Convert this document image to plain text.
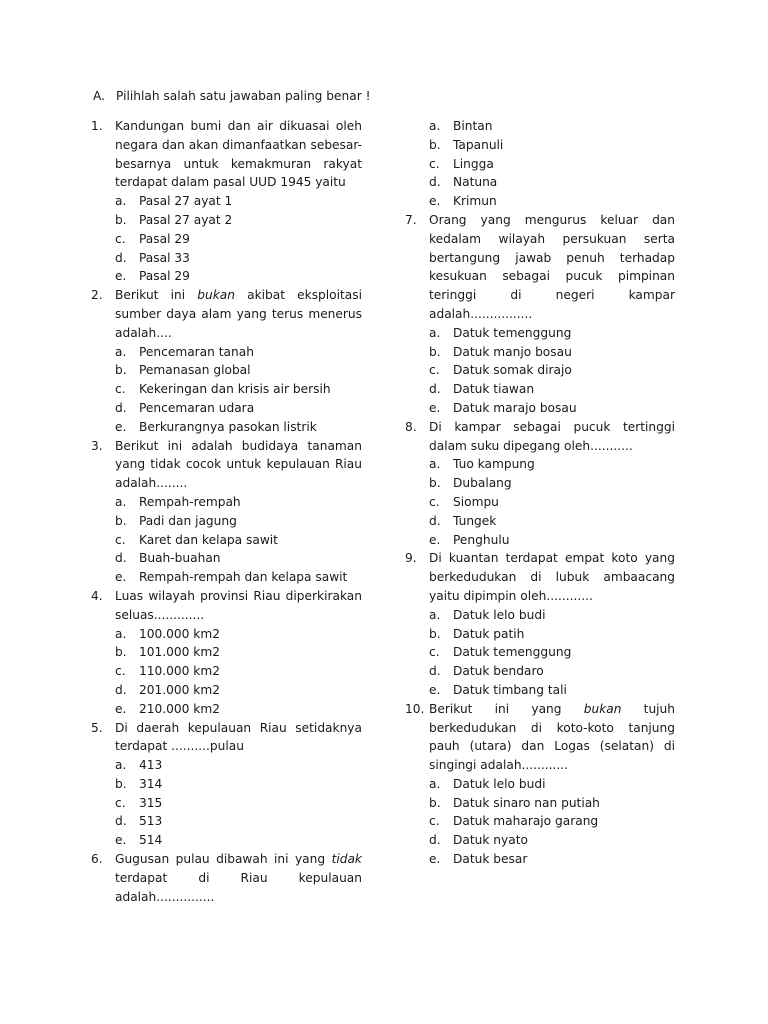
A. Pilihlah salah satu jawaban paling benar !
1.	Kandungan bumi dan air dikuasai oleh negara dan akan dimanfaatkan sebesar-besarnya untuk kemakmuran rakyat terdapat dalam pasal UUD 1945 yaitu
a.	Pasal 27 ayat 1
b.	Pasal 27 ayat 2
c.	Pasal 29
d.	Pasal 33
e.	Pasal 29
2.	Berikut ini bukan akibat eksploitasi sumber daya alam yang terus menerus adalah....
a.	Pencemaran tanah
b.	Pemanasan global
c.	Kekeringan dan krisis air bersih
d.	Pencemaran udara
e.	Berkurangnya pasokan listrik
3.	Berikut ini adalah budidaya tanaman yang tidak cocok untuk kepulauan Riau adalah........
a.	Rempah-rempah
b.	Padi dan jagung
c.	Karet dan kelapa sawit
d.	Buah-buahan
e.	Rempah-rempah dan kelapa sawit
4.	Luas wilayah provinsi Riau diperkirakan seluas.............
a.	100.000 km2
b.	101.000 km2
c.	110.000 km2
d.	201.000 km2
e.	210.000 km2
5.	Di daerah kepulauan Riau setidaknya terdapat ..........pulau
a.	413
b.	314
c.	315
d.	513
e.	514
6.	Gugusan pulau dibawah ini yang tidak terdapat di Riau kepulauan adalah...............
a.	Bintan
b.	Tapanuli
c.	Lingga
d.	Natuna
e.	Krimun
7.	Orang yang mengurus keluar dan kedalam wilayah persukuan serta bertangung jawab penuh terhadap kesukuan sebagai pucuk pimpinan teringgi di negeri kampar adalah................
a.	Datuk temenggung
b.	Datuk manjo bosau
c.	Datuk somak dirajo
d.	Datuk tiawan
e.	Datuk marajo bosau
8.	Di kampar sebagai pucuk tertinggi dalam suku dipegang oleh...........
a.	Tuo kampung
b.	Dubalang
c.	Siompu
d.	Tungek
e.	Penghulu
9.	Di kuantan terdapat empat koto yang berkedudukan di lubuk ambaacang yaitu dipimpin oleh............
a.	Datuk lelo budi
b.	Datuk patih
c.	Datuk temenggung
d.	Datuk bendaro
e.	Datuk timbang tali
10. Berikut ini yang bukan tujuh berkedudukan di koto-koto tanjung pauh (utara) dan Logas (selatan) di singingi adalah............
a.	Datuk lelo budi
b.	Datuk sinaro nan putiah
c.	Datuk maharajo garang
d.	Datuk nyato
e.	Datuk besar
